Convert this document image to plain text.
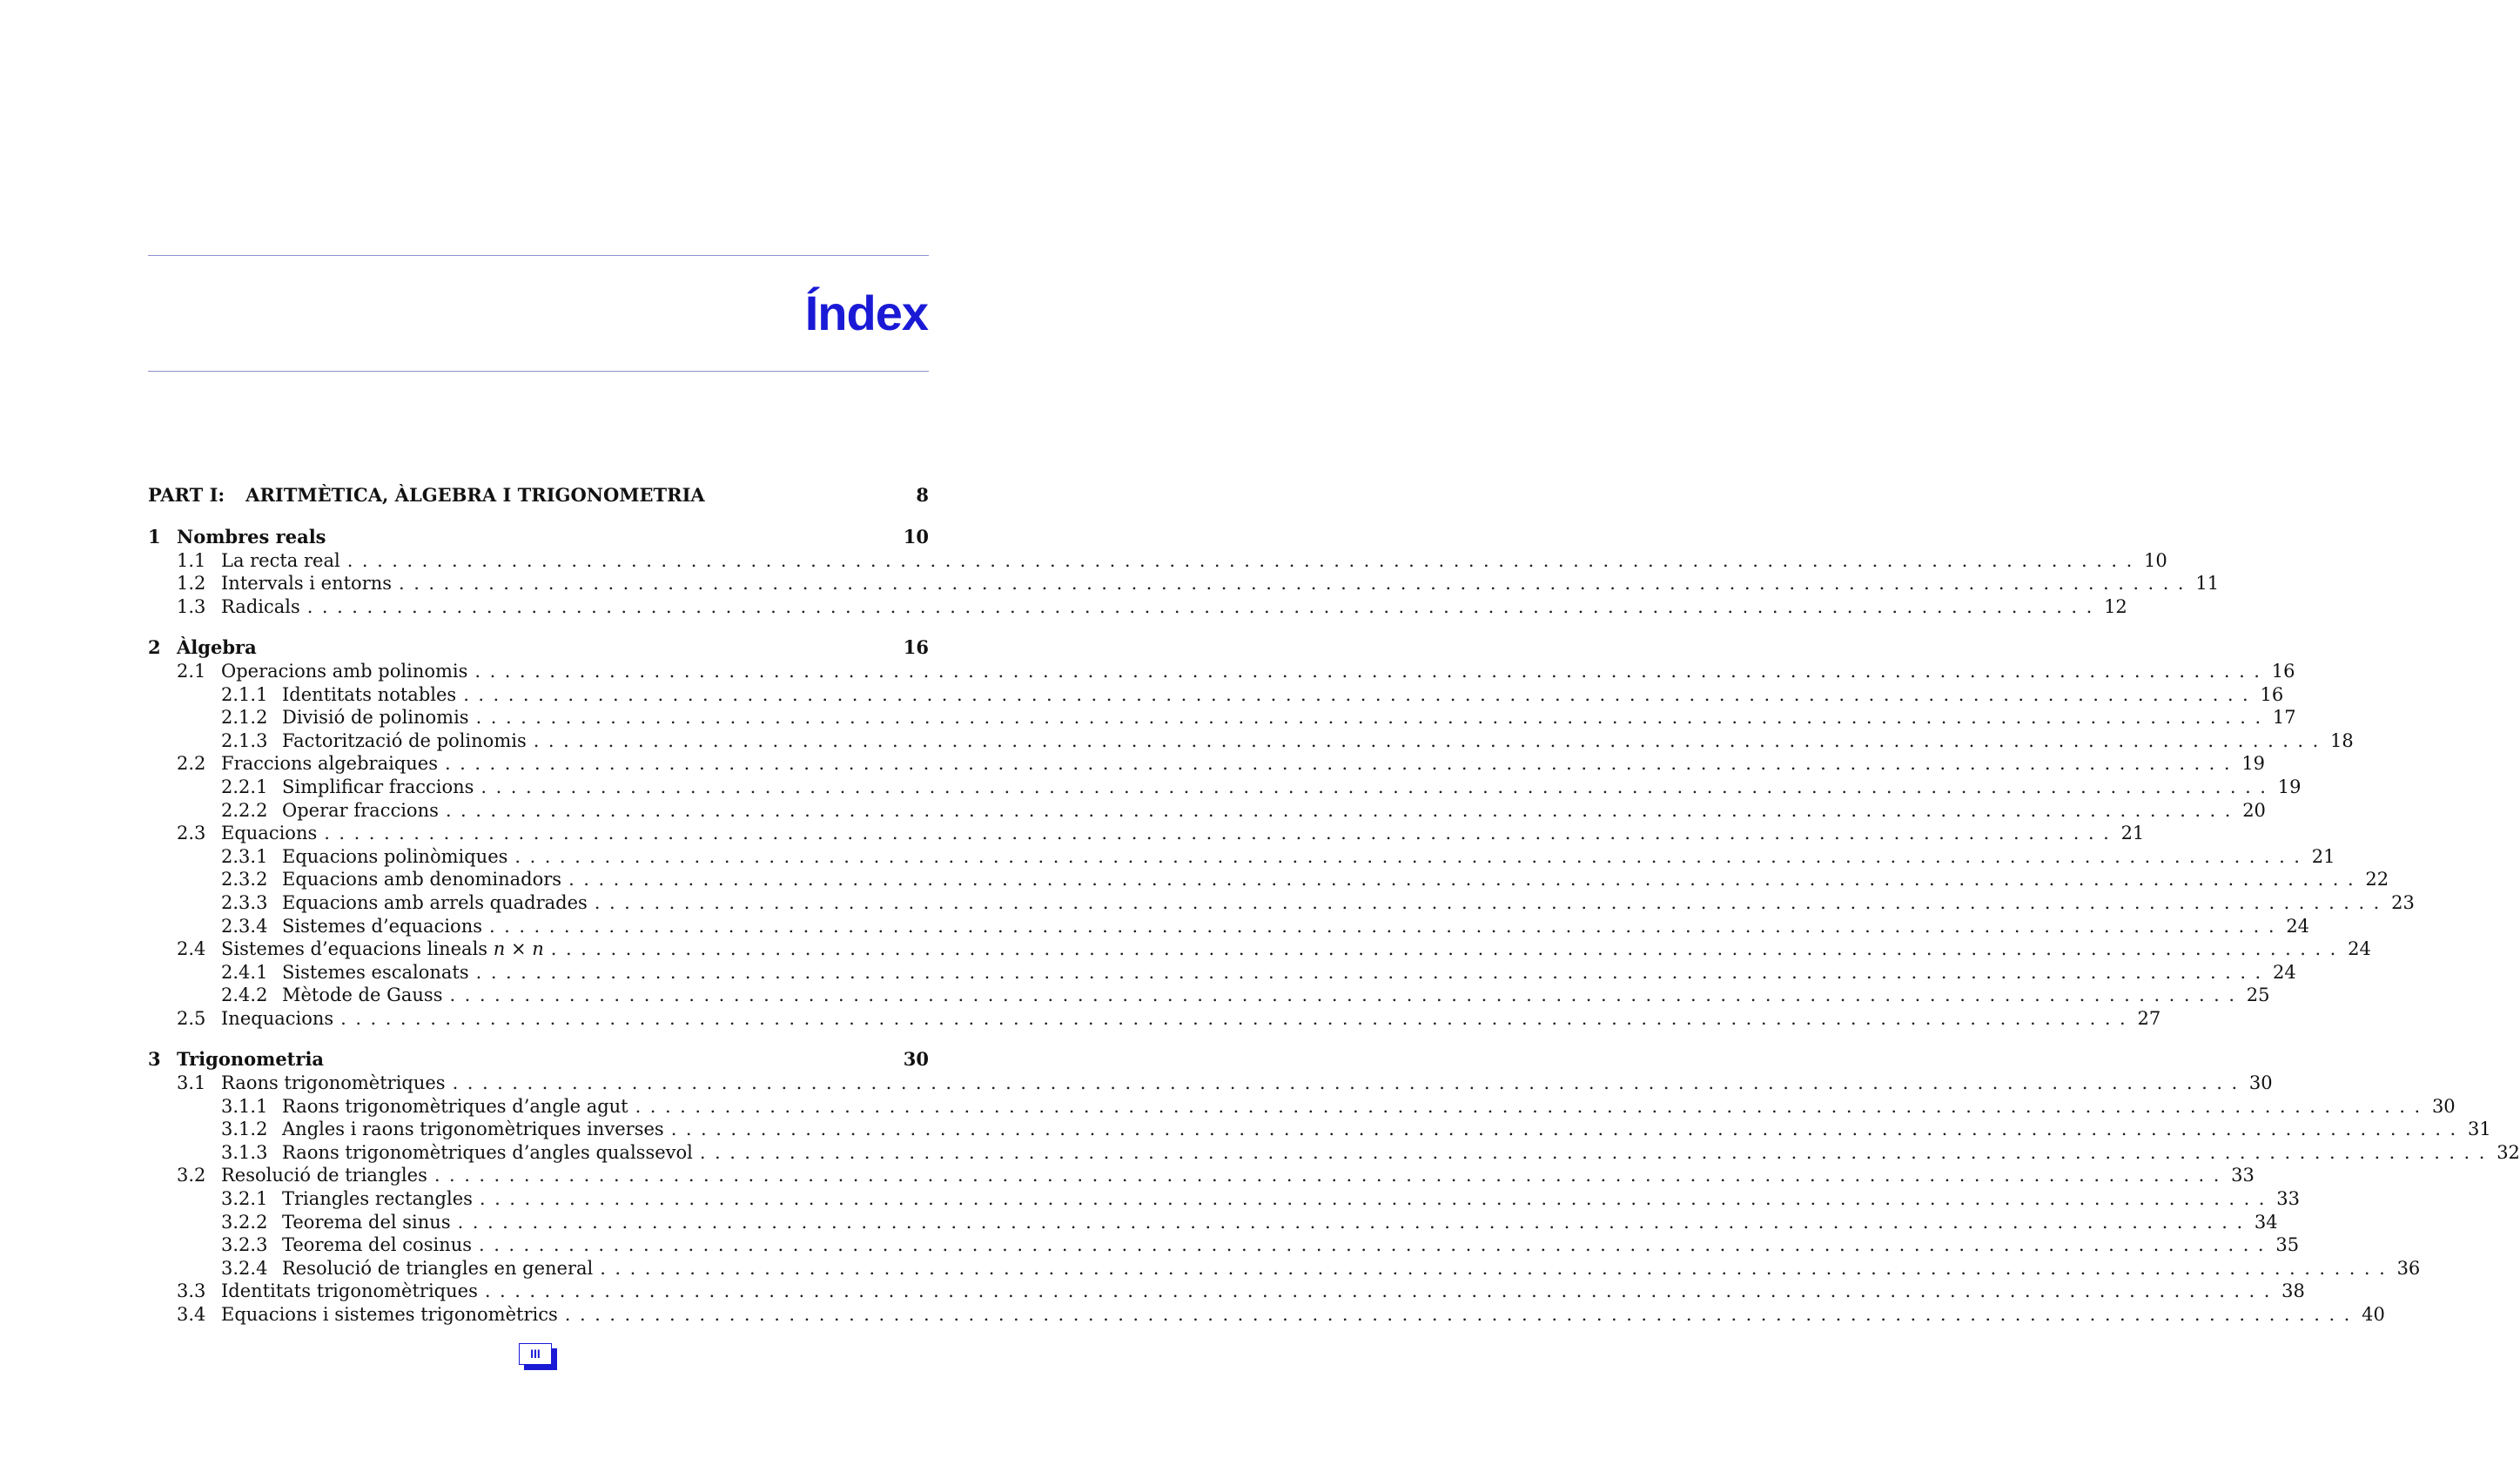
Índex
PART I: ARITMÈTICA, ÀLGEBRA I TRIGONOMETRIA	8
1 Nombres reals	10
1.1 La recta real ........................................................................................................................ 10
1.2 Intervals i entorns ........................................................................................................................ 11
1.3 Radicals ........................................................................................................................ 12
2 Àlgebra	16
2.1 Operacions amb polinomis ........................................................................................................................ 16
2.1.1 Identitats notables ........................................................................................................................ 16
2.1.2 Divisió de polinomis ........................................................................................................................ 17
2.1.3 Factorització de polinomis ........................................................................................................................ 18
2.2 Fraccions algebraiques ........................................................................................................................ 19
2.2.1 Simplificar fraccions ........................................................................................................................ 19
2.2.2 Operar fraccions ........................................................................................................................ 20
2.3 Equacions ........................................................................................................................ 21
2.3.1 Equacions polinòmiques ........................................................................................................................ 21
2.3.2 Equacions amb denominadors ........................................................................................................................ 22
2.3.3 Equacions amb arrels quadrades ........................................................................................................................ 23
2.3.4 Sistemes d’equacions ........................................................................................................................ 24
2.4 Sistemes d’equacions lineals n × n ........................................................................................................................ 24
2.4.1 Sistemes escalonats ........................................................................................................................ 24
2.4.2 Mètode de Gauss ........................................................................................................................ 25
2.5 Inequacions ........................................................................................................................ 27
3 Trigonometria	30
3.1 Raons trigonomètriques ........................................................................................................................ 30
3.1.1 Raons trigonomètriques d’angle agut ........................................................................................................................ 30
3.1.2 Angles i raons trigonomètriques inverses ........................................................................................................................ 31
3.1.3 Raons trigonomètriques d’angles qualssevol ........................................................................................................................ 32
3.2 Resolució de triangles ........................................................................................................................ 33
3.2.1 Triangles rectangles ........................................................................................................................ 33
3.2.2 Teorema del sinus ........................................................................................................................ 34
3.2.3 Teorema del cosinus ........................................................................................................................ 35
3.2.4 Resolució de triangles en general ........................................................................................................................ 36
3.3 Identitats trigonomètriques ........................................................................................................................ 38
3.4 Equacions i sistemes trigonomètrics ........................................................................................................................ 40
III
